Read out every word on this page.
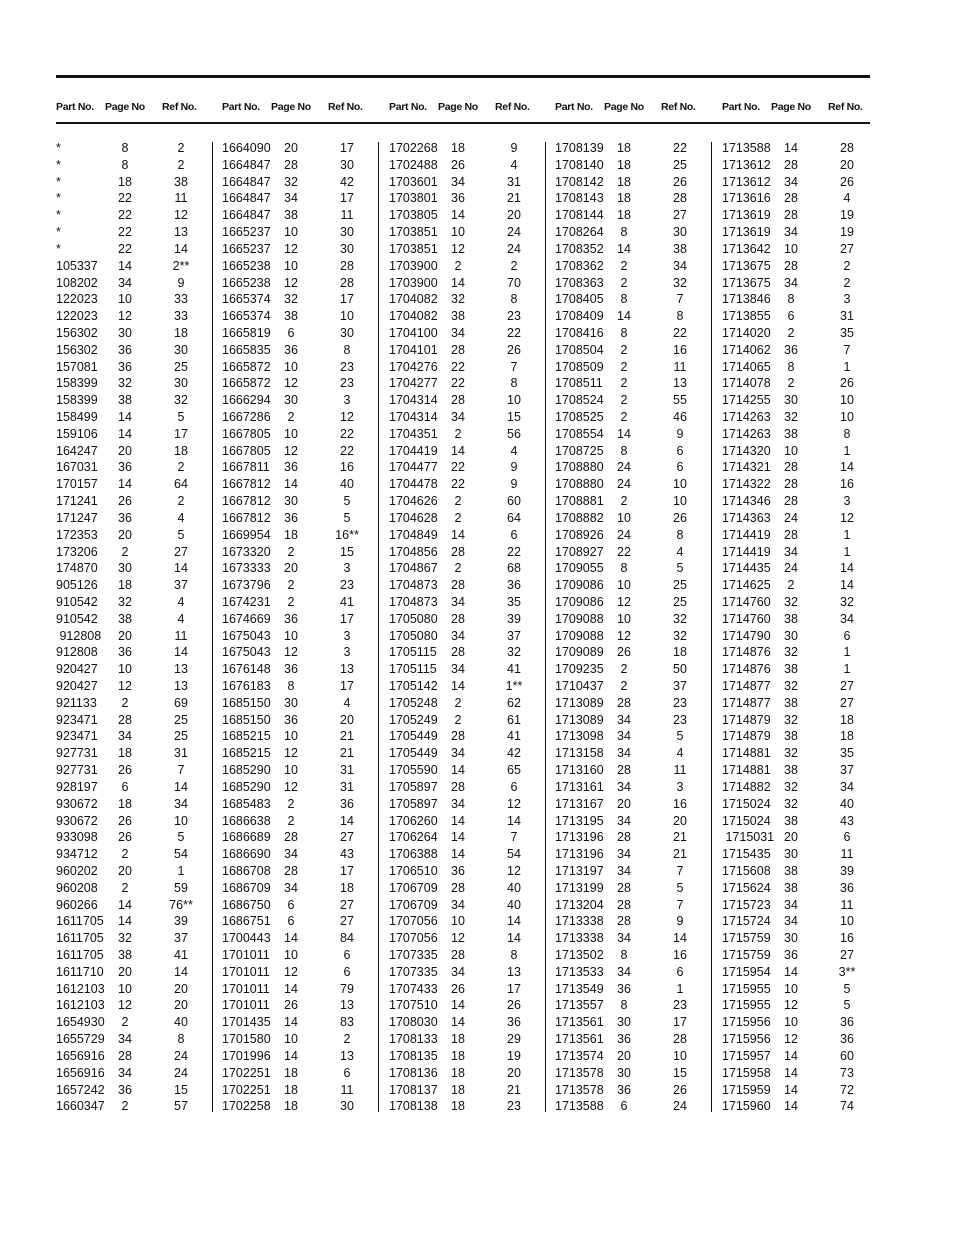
Part No. Page No Ref No.
*	8	2
*	8	2
*	18	38
*	22	11
*	22	12
*	22	13
*	22	14
105337	14	2**
108202	34	9
122023	10	33
122023	12	33
156302	30	18
156302	36	30
157081	36	25
158399	32	30
158399	38	32
158499	14	5
159106	14	17
164247	20	18
167031	36	2
170157	14	64
171241	26	2
171247	36	4
172353	20	5
173206	2	27
174870	30	14
905126	18	37
910542	32	4
910542	38	4
912808	20	11
912808	36	14
920427	10	13
920427	12	13
921133	2	69
923471	28	25
923471	34	25
927731	18	31
927731	26	7
928197	6	14
930672	18	34
930672	26	10
933098	26	5
934712	2	54
960202	20	1
960208	2	59
960266	14	76**
1611705	14	39
1611705	32	37
1611705	38	41
1611710	20	14
1612103	10	20
1612103	12	20
1654930	2	40
1655729	34	8
1656916	28	24
1656916	34	24
1657242	36	15
1660347	2	57
Part No. Page No Ref No.
1664090	20	17
1664847	28	30
1664847	32	42
1664847	34	17
1664847	38	11
1665237	10	30
1665237	12	30
1665238	10	28
1665238	12	28
1665374	32	17
1665374	38	10
1665819	6	30
1665835	36	8
1665872	10	23
1665872	12	23
1666294	30	3
1667286	2	12
1667805	10	22
1667805	12	22
1667811	36	16
1667812	14	40
1667812	30	5
1667812	36	5
1669954	18	16**
1673320	2	15
1673333	20	3
1673796	2	23
1674231	2	41
1674669	36	17
1675043	10	3
1675043	12	3
1676148	36	13
1676183	8	17
1685150	30	4
1685150	36	20
1685215	10	21
1685215	12	21
1685290	10	31
1685290	12	31
1685483	2	36
1686638	2	14
1686689	28	27
1686690	34	43
1686708	28	17
1686709	34	18
1686750	6	27
1686751	6	27
1700443	14	84
1701011	10	6
1701011	12	6
1701011	14	79
1701011	26	13
1701435	14	83
1701580	10	2
1701996	14	13
1702251	18	6
1702251	18	11
1702258	18	30
Part No. Page No Ref No.
1702268	18	9
1702488	26	4
1703601	34	31
1703801	36	21
1703805	14	20
1703851	10	24
1703851	12	24
1703900	2	2
1703900	14	70
1704082	32	8
1704082	38	23
1704100	34	22
1704101	28	26
1704276	22	7
1704277	22	8
1704314	28	10
1704314	34	15
1704351	2	56
1704419	14	4
1704477	22	9
1704478	22	9
1704626	2	60
1704628	2	64
1704849	14	6
1704856	28	22
1704867	2	68
1704873	28	36
1704873	34	35
1705080	28	39
1705080	34	37
1705115	28	32
1705115	34	41
1705142	14	1**
1705248	2	62
1705249	2	61
1705449	28	41
1705449	34	42
1705590	14	65
1705897	28	6
1705897	34	12
1706260	14	14
1706264	14	7
1706388	14	54
1706510	36	12
1706709	28	40
1706709	34	40
1707056	10	14
1707056	12	14
1707335	28	8
1707335	34	13
1707433	26	17
1707510	14	26
1708030	14	36
1708133	18	29
1708135	18	19
1708136	18	20
1708137	18	21
1708138	18	23
Part No. Page No Ref No.
1708139	18	22
1708140	18	25
1708142	18	26
1708143	18	28
1708144	18	27
1708264	8	30
1708352	14	38
1708362	2	34
1708363	2	32
1708405	8	7
1708409	14	8
1708416	8	22
1708504	2	16
1708509	2	11
1708511	2	13
1708524	2	55
1708525	2	46
1708554	14	9
1708725	8	6
1708880	24	6
1708880	24	10
1708881	2	10
1708882	10	26
1708926	24	8
1708927	22	4
1709055	8	5
1709086	10	25
1709086	12	25
1709088	10	32
1709088	12	32
1709089	26	18
1709235	2	50
1710437	2	37
1713089	28	23
1713089	34	23
1713098	34	5
1713158	34	4
1713160	28	11
1713161	34	3
1713167	20	16
1713195	34	20
1713196	28	21
1713196	34	21
1713197	34	7
1713199	28	5
1713204	28	7
1713338	28	9
1713338	34	14
1713502	8	16
1713533	34	6
1713549	36	1
1713557	8	23
1713561	30	17
1713561	36	28
1713574	20	10
1713578	30	15
1713578	36	26
1713588	6	24
Part No. Page No Ref No.
1713588	14	28
1713612	28	20
1713612	34	26
1713616	28	4
1713619	28	19
1713619	34	19
1713642	10	27
1713675	28	2
1713675	34	2
1713846	8	3
1713855	6	31
1714020	2	35
1714062	36	7
1714065	8	1
1714078	2	26
1714255	30	10
1714263	32	10
1714263	38	8
1714320	10	1
1714321	28	14
1714322	28	16
1714346	28	3
1714363	24	12
1714419	28	1
1714419	34	1
1714435	24	14
1714625	2	14
1714760	32	32
1714760	38	34
1714790	30	6
1714876	32	1
1714876	38	1
1714877	32	27
1714877	38	27
1714879	32	18
1714879	38	18
1714881	32	35
1714881	38	37
1714882	32	34
1715024	32	40
1715024	38	43
1715031 20	6
1715435	30	11
1715608	38	39
1715624	38	36
1715723	34	11
1715724	34	10
1715759	30	16
1715759	36	27
1715954	14	3**
1715955	10	5
1715955	12	5
1715956	10	36
1715956	12	36
1715957	14	60
1715958	14	73
1715959	14	72
1715960	14	74
